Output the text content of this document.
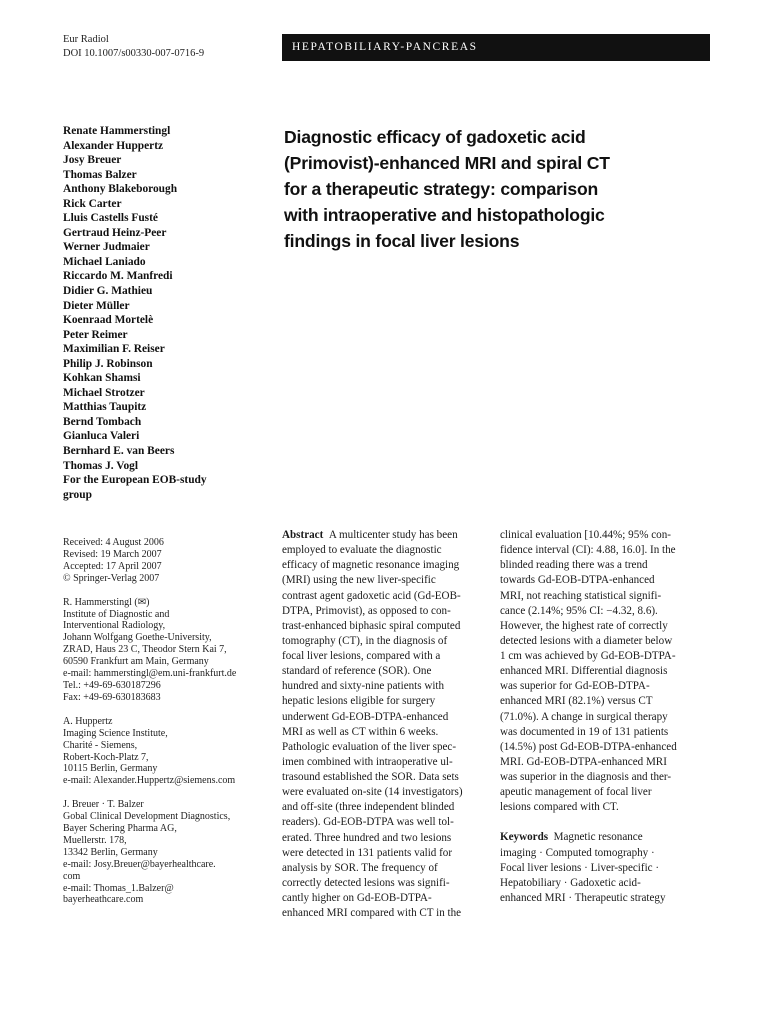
Eur Radiol
DOI 10.1007/s00330-007-0716-9
HEPATOBILIARY-PANCREAS
Renate Hammerstingl
Alexander Huppertz
Josy Breuer
Thomas Balzer
Anthony Blakeborough
Rick Carter
Lluis Castells Fusté
Gertraud Heinz-Peer
Werner Judmaier
Michael Laniado
Riccardo M. Manfredi
Didier G. Mathieu
Dieter Müller
Koenraad Mortelè
Peter Reimer
Maximilian F. Reiser
Philip J. Robinson
Kohkan Shamsi
Michael Strotzer
Matthias Taupitz
Bernd Tombach
Gianluca Valeri
Bernhard E. van Beers
Thomas J. Vogl
For the European EOB-study
group
Diagnostic efficacy of gadoxetic acid
(Primovist)-enhanced MRI and spiral CT
for a therapeutic strategy: comparison
with intraoperative and histopathologic
findings in focal liver lesions
Received: 4 August 2006
Revised: 19 March 2007
Accepted: 17 April 2007
© Springer-Verlag 2007
R. Hammerstingl (✉)
Institute of Diagnostic and
Interventional Radiology,
Johann Wolfgang Goethe-University,
ZRAD, Haus 23 C, Theodor Stern Kai 7,
60590 Frankfurt am Main, Germany
e-mail: hammerstingl@em.uni-frankfurt.de
Tel.: +49-69-630187296
Fax: +49-69-630183683
A. Huppertz
Imaging Science Institute,
Charité - Siemens,
Robert-Koch-Platz 7,
10115 Berlin, Germany
e-mail: Alexander.Huppertz@siemens.com
J. Breuer · T. Balzer
Gobal Clinical Development Diagnostics,
Bayer Schering Pharma AG,
Muellerstr. 178,
13342 Berlin, Germany
e-mail: Josy.Breuer@bayerhealthcare.
com
e-mail: Thomas_1.Balzer@
bayerheathcare.com
Abstract A multicenter study has been
employed to evaluate the diagnostic
efficacy of magnetic resonance imaging
(MRI) using the new liver-specific
contrast agent gadoxetic acid (Gd-EOB-
DTPA, Primovist), as opposed to con-
trast-enhanced biphasic spiral computed
tomography (CT), in the diagnosis of
focal liver lesions, compared with a
standard of reference (SOR). One
hundred and sixty-nine patients with
hepatic lesions eligible for surgery
underwent Gd-EOB-DTPA-enhanced
MRI as well as CT within 6 weeks.
Pathologic evaluation of the liver spec-
imen combined with intraoperative ul-
trasound established the SOR. Data sets
were evaluated on-site (14 investigators)
and off-site (three independent blinded
readers). Gd-EOB-DTPA was well tol-
erated. Three hundred and two lesions
were detected in 131 patients valid for
analysis by SOR. The frequency of
correctly detected lesions was signifi-
cantly higher on Gd-EOB-DTPA-
enhanced MRI compared with CT in the
clinical evaluation [10.44%; 95% con-
fidence interval (CI): 4.88, 16.0]. In the
blinded reading there was a trend
towards Gd-EOB-DTPA-enhanced
MRI, not reaching statistical signifi-
cance (2.14%; 95% CI: −4.32, 8.6).
However, the highest rate of correctly
detected lesions with a diameter below
1 cm was achieved by Gd-EOB-DTPA-
enhanced MRI. Differential diagnosis
was superior for Gd-EOB-DTPA-
enhanced MRI (82.1%) versus CT
(71.0%). A change in surgical therapy
was documented in 19 of 131 patients
(14.5%) post Gd-EOB-DTPA-enhanced
MRI. Gd-EOB-DTPA-enhanced MRI
was superior in the diagnosis and ther-
apeutic management of focal liver
lesions compared with CT.
Keywords Magnetic resonance
imaging · Computed tomography ·
Focal liver lesions · Liver-specific ·
Hepatobiliary · Gadoxetic acid-
enhanced MRI · Therapeutic strategy
